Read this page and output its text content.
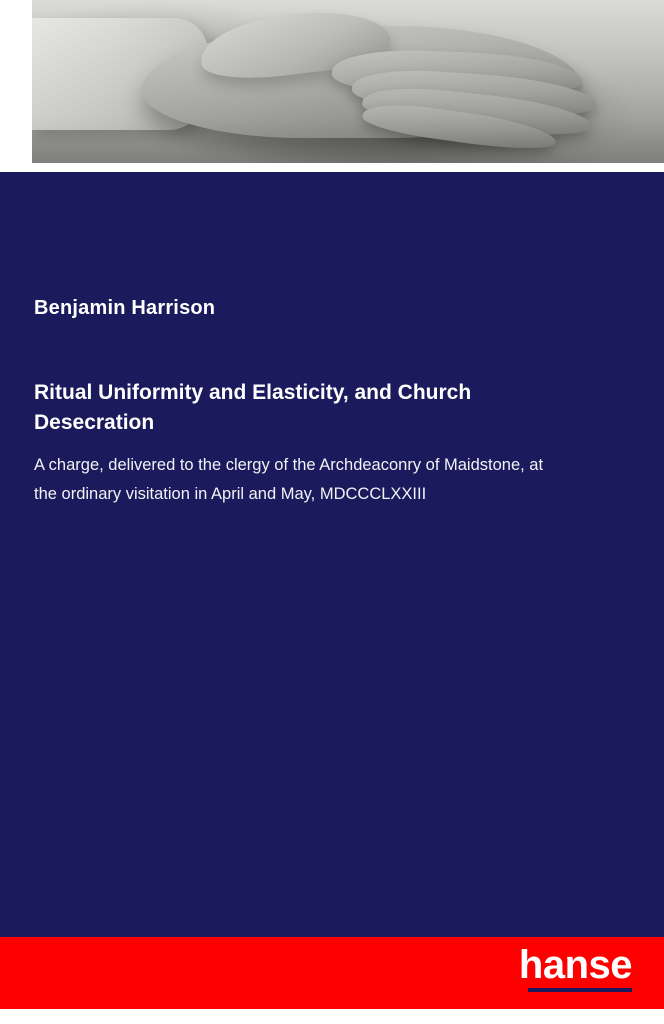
Benjamin Harrison

Ritual Uniformity and Elasticity, and Church Desecration

A charge, delivered to the clergy of the Archdeaconry of Maidstone, at the ordinary visitation in April and May, MDCCCLXXIII

hanse
